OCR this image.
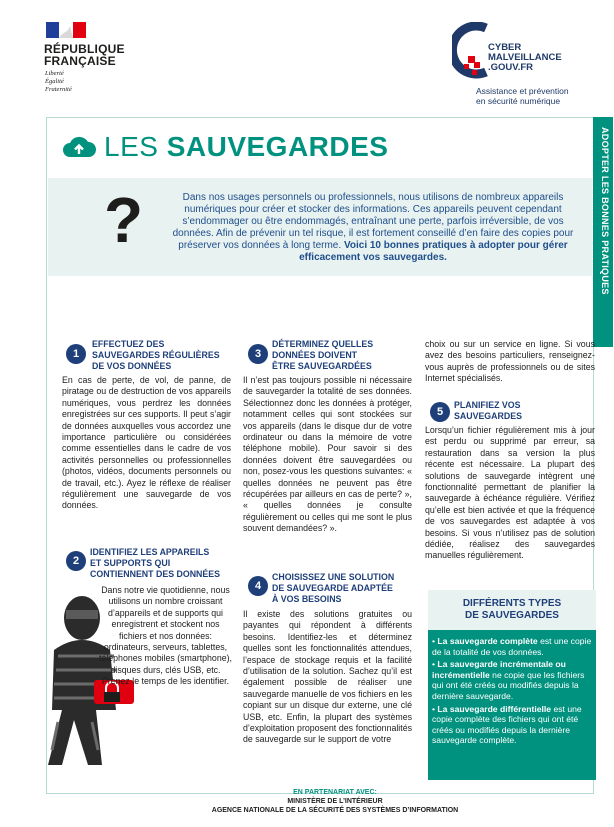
RÉPUBLIQUE
FRANÇAISE
Liberté
Égalité
Fraternité
CYBER
MALVEILLANCE
.GOUV.FR
Assistance et prévention
en sécurité numérique
ADOPTER LES BONNES PRATIQUES
LES SAUVEGARDES
?	Dans nos usages personnels ou professionnels, nous utilisons de nombreux appareils numériques pour créer et stocker des informations. Ces appareils peuvent cependant s’endommager ou être endommagés, entraînant une perte, parfois irréversible, de vos données. Afin de prévenir un tel risque, il est fortement conseillé d’en faire des copies pour préserver vos données à long terme. Voici 10 bonnes pratiques à adopter pour gérer efficacement vos sauvegardes.
1
EFFECTUEZ DES
SAUVEGARDES RÉGULIÈRES
DE VOS DONNÉES
En cas de perte, de vol, de panne, de piratage ou de destruction de vos appareils numériques, vous perdrez les données enregistrées sur ces supports. Il peut s’agir de données auxquelles vous accordez une importance particulière ou considérées comme essentielles dans le cadre de vos activités personnelles ou professionnelles (photos, vidéos, documents personnels ou de travail, etc.). Ayez le réflexe de réaliser régulièrement une sauvegarde de vos données.
2
IDENTIFIEZ LES APPAREILS
ET SUPPORTS QUI
CONTIENNENT DES DONNÉES
Dans notre vie quotidienne, nous utilisons un nombre croissant d’appareils et de supports qui enregistrent et stockent nos fichiers et nos données: ordinateurs, serveurs, tablettes, téléphones mobiles (smartphone), disques durs, clés USB, etc. Prenez le temps de les identifier.
3
DÉTERMINEZ QUELLES
DONNÉES DOIVENT
ÊTRE SAUVEGARDÉES
Il n’est pas toujours possible ni nécessaire de sauvegarder la totalité de ses données. Sélectionnez donc les données à protéger, notamment celles qui sont stockées sur vos appareils (dans le disque dur de votre ordinateur ou dans la mémoire de votre téléphone mobile). Pour savoir si des données doivent être sauvegardées ou non, posez-vous les questions suivantes: « quelles données ne peuvent pas être récupérées par ailleurs en cas de perte? », « quelles données je consulte régulièrement ou celles qui me sont le plus souvent demandées? ».
4
CHOISISSEZ UNE SOLUTION
DE SAUVEGARDE ADAPTÉE
À VOS BESOINS
Il existe des solutions gratuites ou payantes qui répondent à différents besoins. Identifiez-les et déterminez quelles sont les fonctionnalités attendues, l’espace de stockage requis et la facilité d’utilisation de la solution. Sachez qu’il est également possible de réaliser une sauvegarde manuelle de vos fichiers en les copiant sur un disque dur externe, une clé USB, etc. Enfin, la plupart des systèmes d’exploitation proposent des fonctionnalités de sauvegarde sur le support de votre
choix ou sur un service en ligne. Si vous avez des besoins particuliers, renseignez-vous auprès de professionnels ou de sites Internet spécialisés.
5
PLANIFIEZ VOS
SAUVEGARDES
Lorsqu’un fichier régulièrement mis à jour est perdu ou supprimé par erreur, sa restauration dans sa version la plus récente est nécessaire. La plupart des solutions de sauvegarde intègrent une fonctionnalité permettant de planifier la sauvegarde à échéance régulière. Vérifiez qu’elle est bien activée et que la fréquence de vos sauvegardes est adaptée à vos besoins. Si vous n’utilisez pas de solution dédiée, réalisez des sauvegardes manuelles régulièrement.
DIFFÉRENTS TYPES
DE SAUVEGARDES
• La sauvegarde complète est une copie de la totalité de vos données.
• La sauvegarde incrémentale ou incrémentielle ne copie que les fichiers qui ont été créés ou modifiés depuis la dernière sauvegarde.
• La sauvegarde différentielle est une copie complète des fichiers qui ont été créés ou modifiés depuis la dernière sauvegarde complète.
EN PARTENARIAT AVEC:
MINISTÈRE DE L’INTÉRIEUR
AGENCE NATIONALE DE LA SÉCURITÉ DES SYSTÈMES D’INFORMATION
